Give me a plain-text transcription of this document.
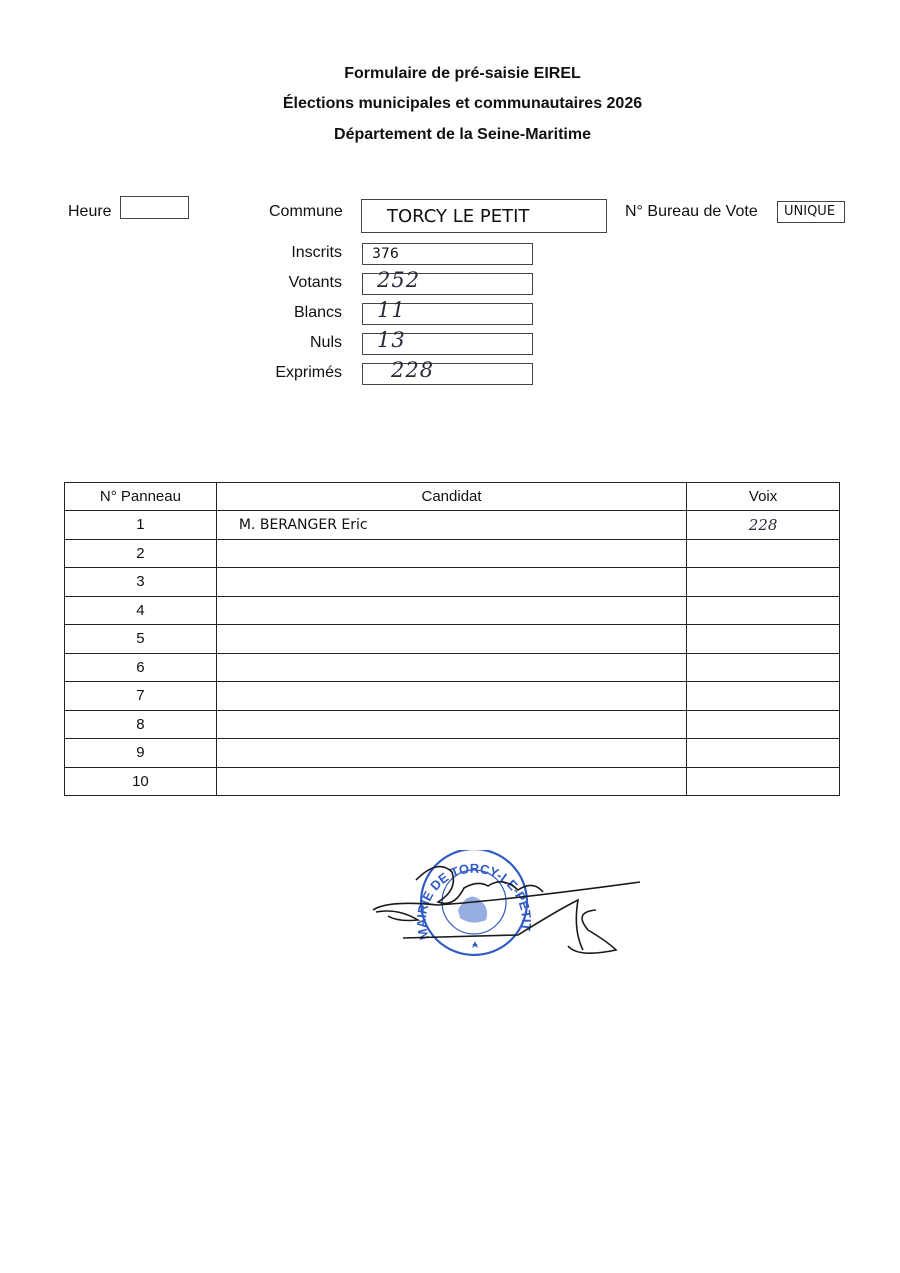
Formulaire de pré-saisie EIREL
Élections municipales et communautaires 2026
Département de la Seine-Maritime
Heure	Commune TORCY LE PETIT	N° Bureau de Vote UNIQUE
Inscrits 376
Votants 252
Blancs 11
Nuls 13
Exprimés 228
N° Panneau	Candidat	Voix
1	M. BERANGER Eric	228
2		
3		
4		
5		
6		
7		
8		
9		
10		
MAIRIE DE TORCY-LE-PETIT
